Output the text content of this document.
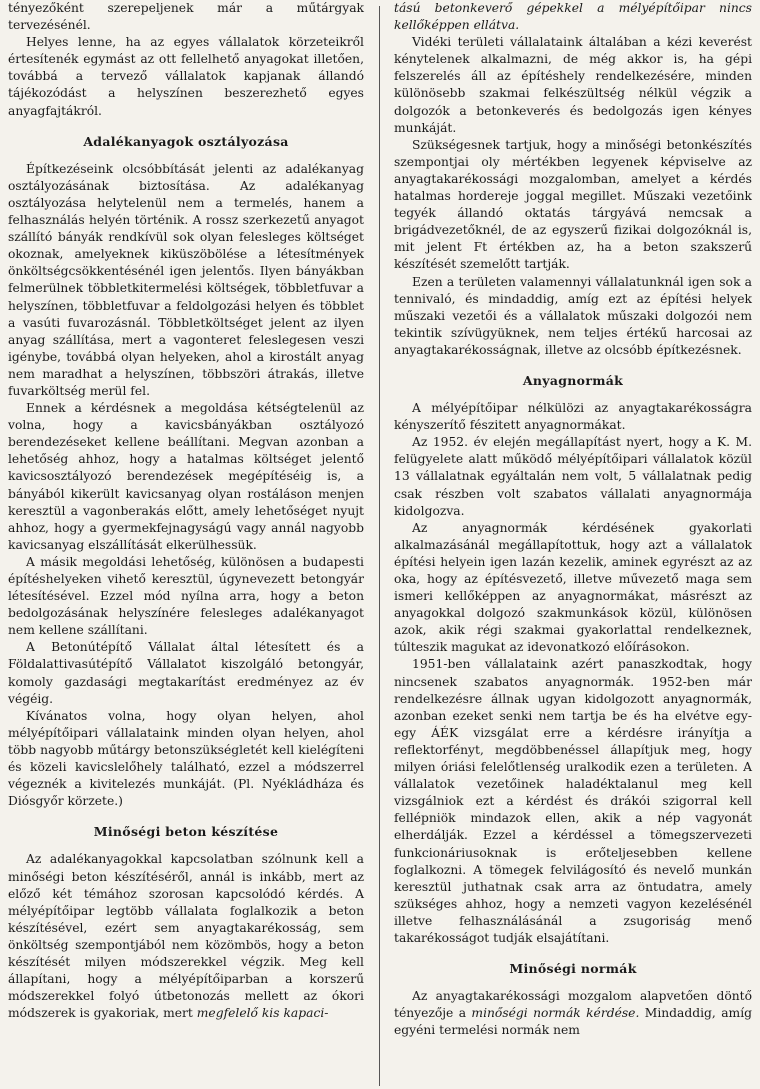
tényezőként szerepeljenek már a műtárgyak tervezésénél.

Helyes lenne, ha az egyes vállalatok körzeteikről értesítenék egymást az ott fellelhető anyagokat illetően, továbbá a tervező vállalatok kapjanak állandó tájékozódást a helyszínen beszerezhető egyes anyagfajtákról.

Adalékanyagok osztályozása

Építkezéseink olcsóbbítását jelenti az adalékanyag osztályozásának biztosítása. Az adalékanyag osztályozása helytelenül nem a termelés, hanem a felhasználás helyén történik. A rossz szerkezetű anyagot szállító bányák rendkívül sok olyan felesleges költséget okoznak, amelyeknek kiküszöbölése a létesítmények önköltségcsökkentésénél igen jelentős. Ilyen bányákban felmerülnek többletkitermelési költségek, többletfuvar a helyszínen, többletfuvar a feldolgozási helyen és többlet a vasúti fuvarozásnál. Többletköltséget jelent az ilyen anyag szállítása, mert a vagonteret feleslegesen veszi igénybe, továbbá olyan helyeken, ahol a kirostált anyag nem maradhat a helyszínen, többszöri átrakás, illetve fuvarköltség merül fel.

Ennek a kérdésnek a megoldása kétségtelenül az volna, hogy a kavicsbányákban osztályozó berendezéseket kellene beállítani. Megvan azonban a lehetőség ahhoz, hogy a hatalmas költséget jelentő kavicsosztályozó berendezések megépítéséig is, a bányából kikerült kavicsanyag olyan rostáláson menjen keresztül a vagonberakás előtt, amely lehetőséget nyujt ahhoz, hogy a gyermekfejnagyságú vagy annál nagyobb kavicsanyag elszállítását elkerülhessük.

A másik megoldási lehetőség, különösen a budapesti építéshelyeken vihető keresztül, úgynevezett betongyár létesítésével. Ezzel mód nyílna arra, hogy a beton bedolgozásának helyszínére felesleges adalékanyagot nem kellene szállítani.

A Betonútépítő Vállalat által létesített és a Földalattivasútépítő Vállalatot kiszolgáló betongyár, komoly gazdasági megtakarítást eredményez az év végéig.

Kívánatos volna, hogy olyan helyen, ahol mélyépítőipari vállalataink minden olyan helyen, ahol több nagyobb műtárgy betonszükségletét kell kielégíteni és közeli kavicslelőhely található, ezzel a módszerrel végeznék a kivitelezés munkáját. (Pl. Nyékládháza és Diósgyőr körzete.)

Minőségi beton készítése

Az adalékanyagokkal kapcsolatban szólnunk kell a minőségi beton készítéséről, annál is inkább, mert az előző két témához szorosan kapcsolódó kérdés. A mélyépítőipar legtöbb vállalata foglalkozik a beton készítésével, ezért sem anyagtakarékosság, sem önköltség szempontjából nem közömbös, hogy a beton készítését milyen módszerekkel végzik. Meg kell állapítani, hogy a mélyépítőiparban a korszerű módszerekkel folyó útbetonozás mellett az ókori módszerek is gyakoriak, mert megfelelő kis kapaci-

tású betonkeverő gépekkel a mélyépítőipar nincs kellőképpen ellátva.

Vidéki területi vállalataink általában a kézi keverést kénytelenek alkalmazni, de még akkor is, ha gépi felszerelés áll az építéshely rendelkezésére, minden különösebb szakmai felkészültség nélkül végzik a dolgozók a betonkeverés és bedolgozás igen kényes munkáját.

Szükségesnek tartjuk, hogy a minőségi betonkészítés szempontjai oly mértékben legyenek képviselve az anyagtakarékossági mozgalomban, amelyet a kérdés hatalmas hordereje joggal megillet. Műszaki vezetőink tegyék állandó oktatás tárgyává nemcsak a brigádvezetőknél, de az egyszerű fizikai dolgozóknál is, mit jelent Ft értékben az, ha a beton szakszerű készítését szemelőtt tartják.

Ezen a területen valamennyi vállalatunknál igen sok a tennivaló, és mindaddig, amíg ezt az építési helyek műszaki vezetői és a vállalatok műszaki dolgozói nem tekintik szívügyüknek, nem teljes értékű harcosai az anyagtakarékosságnak, illetve az olcsóbb építkezésnek.

Anyagnormák

A mélyépítőipar nélkülözi az anyagtakarékosságra kényszerítő fészitett anyagnormákat.

Az 1952. év elején megállapítást nyert, hogy a K. M. felügyelete alatt működő mélyépítőipari vállalatok közül 13 vállalatnak egyáltalán nem volt, 5 vállalatnak pedig csak részben volt szabatos vállalati anyagnormája kidolgozva.

Az anyagnormák kérdésének gyakorlati alkalmazásánál megállapítottuk, hogy azt a vállalatok építési helyein igen lazán kezelik, aminek egyrészt az az oka, hogy az építésvezető, illetve művezető maga sem ismeri kellőképpen az anyagnormákat, másrészt az anyagokkal dolgozó szakmunkások közül, különösen azok, akik régi szakmai gyakorlattal rendelkeznek, túlteszik magukat az idevonatkozó előírásokon.

1951-ben vállalataink azért panaszkodtak, hogy nincsenek szabatos anyagnormák. 1952-ben már rendelkezésre állnak ugyan kidolgozott anyagnormák, azonban ezeket senki nem tartja be és ha elvétve egy-egy ÁÉK vizsgálat erre a kérdésre irányítja a reflektorfényt, megdöbbenéssel állapítjuk meg, hogy milyen óriási felelőtlenség uralkodik ezen a területen. A vállalatok vezetőinek haladéktalanul meg kell vizsgálniok ezt a kérdést és drákói szigorral kell fellépniök mindazok ellen, akik a nép vagyonát elherdálják. Ezzel a kérdéssel a tömegszervezeti funkcionáriusoknak is erőteljesebben kellene foglalkozni. A tömegek felvilágosító és nevelő munkán keresztül juthatnak csak arra az öntudatra, amely szükséges ahhoz, hogy a nemzeti vagyon kezelésénél illetve felhasználásánál a zsugoriság menő takarékosságot tudják elsajátítani.

Minőségi normák

Az anyagtakarékossági mozgalom alapvetően döntő tényezője a minőségi normák kérdése. Mindaddig, amíg egyéni termelési normák nem
